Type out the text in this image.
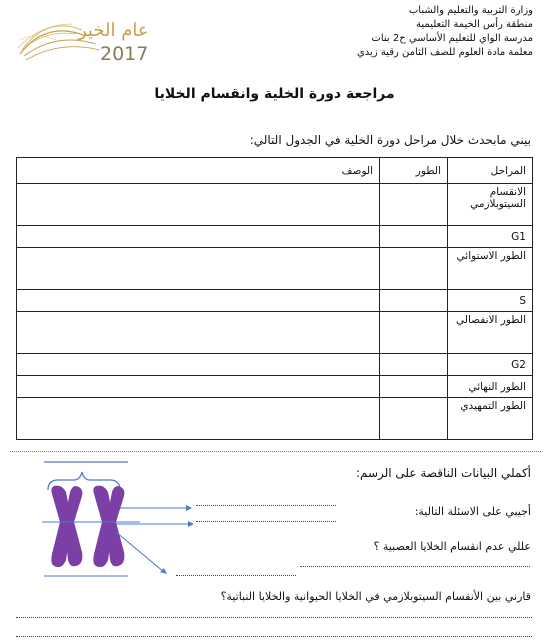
وزارة التربية والتعليم والشباب
منطقة رأس الخيمة التعليمية
مدرسة الواي للتعليم الأساسي ح2 بنات
معلمة مادة العلوم للصف الثامن رقية زيدي
عام الخير
2017
مراجعة دورة الخلية وانقسام الخلايا
بيني مابحدث خلال مراحل دورة الخلية في الجدول التالي:
المراحل	الطور	الوصف
الانقسام السيتوبلازمي		
G1		
الطور الاستوائي		
S		
الطور الانفصالي		
G2		
الطور النهائي		
الطور التمهيدي		
أكملي البيانات الناقصة على الرسم:
أجيبي على الاسئلة التالية:
عللي عدم انقسام الخلايا العصبية ؟
قارني بين الأنقسام السيتوبلازمي في الخلايا الحيوانية والخلايا النباتية؟
